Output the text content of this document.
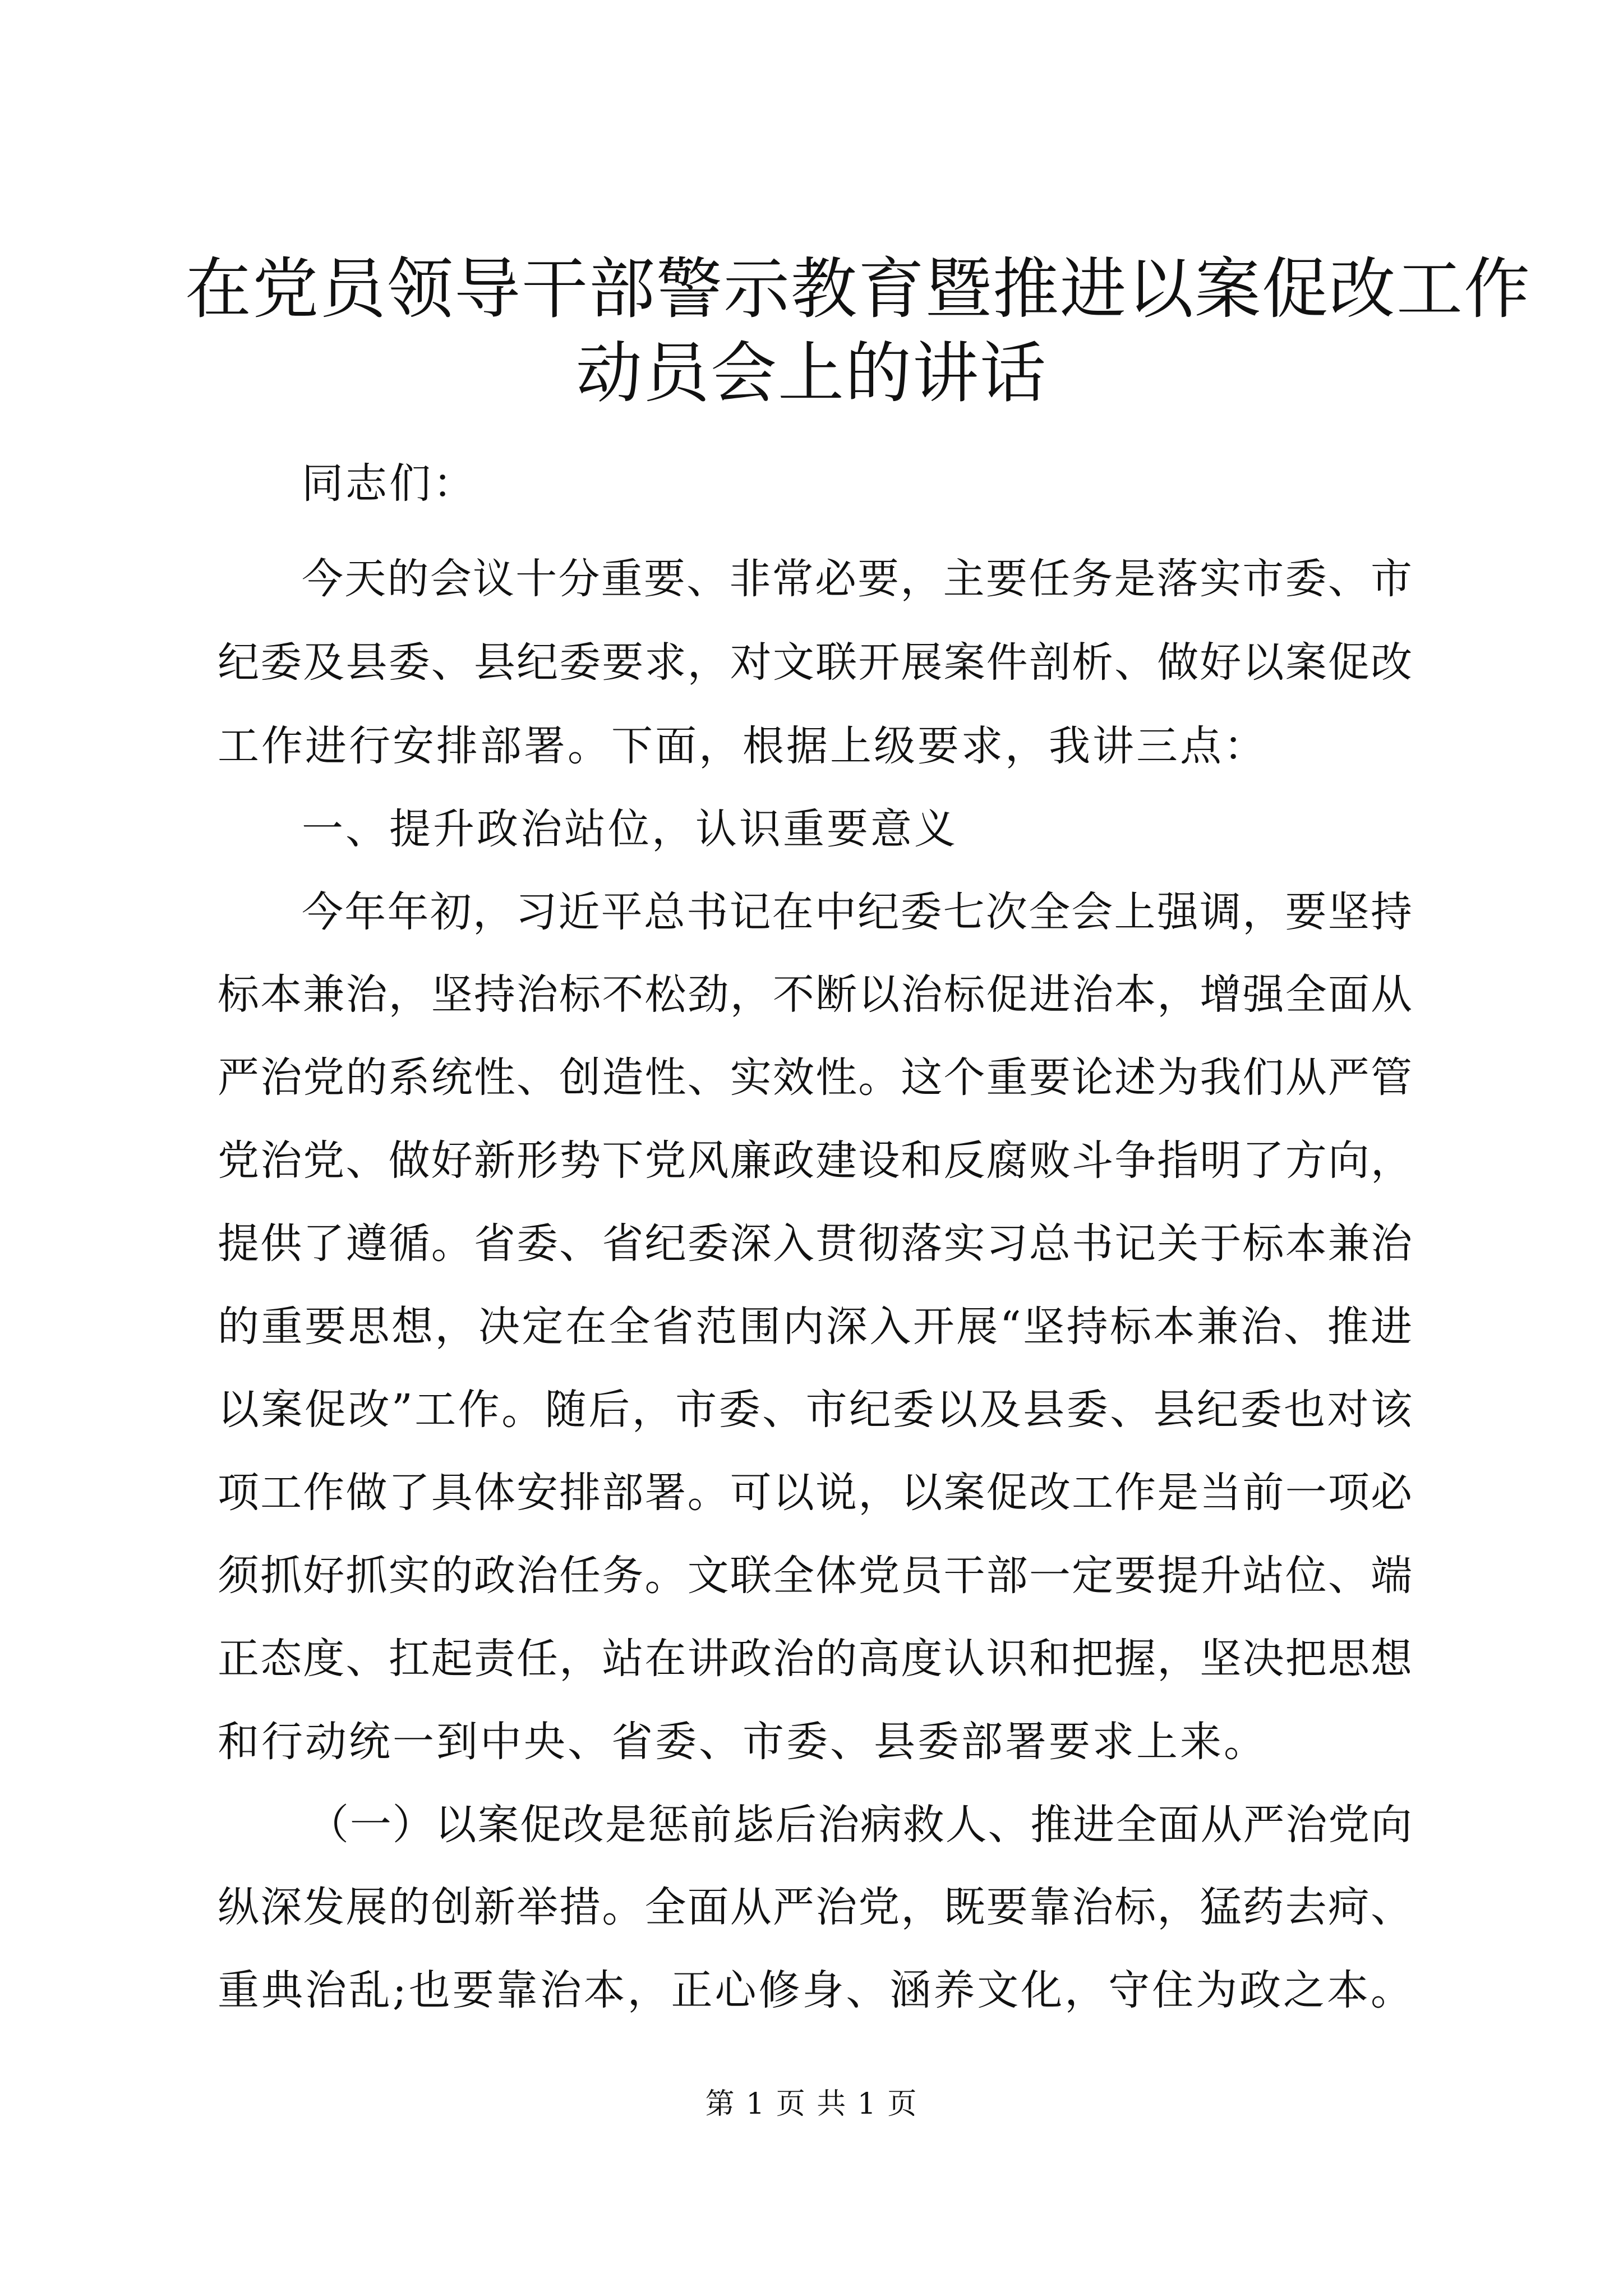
在党员领导干部警示教育暨推进以案促改工作
动员会上的讲话
同志们：
今天的会议十分重要、非常必要，主要任务是落实市委、市
纪委及县委、县纪委要求，对文联开展案件剖析、做好以案促改
工作进行安排部署。下面，根据上级要求，我讲三点：
一、提升政治站位，认识重要意义
今年年初，习近平总书记在中纪委七次全会上强调，要坚持
标本兼治，坚持治标不松劲，不断以治标促进治本，增强全面从
严治党的系统性、创造性、实效性。这个重要论述为我们从严管
党治党、做好新形势下党风廉政建设和反腐败斗争指明了方向，
提供了遵循。省委、省纪委深入贯彻落实习总书记关于标本兼治
的重要思想，决定在全省范围内深入开展“坚持标本兼治、推进
以案促改”工作。随后，市委、市纪委以及县委、县纪委也对该
项工作做了具体安排部署。可以说，以案促改工作是当前一项必
须抓好抓实的政治任务。文联全体党员干部一定要提升站位、端
正态度、扛起责任，站在讲政治的高度认识和把握，坚决把思想
和行动统一到中央、省委、市委、县委部署要求上来。
（一）以案促改是惩前毖后治病救人、推进全面从严治党向
纵深发展的创新举措。全面从严治党，既要靠治标，猛药去疴、
重典治乱;也要靠治本，正心修身、涵养文化，守住为政之本。
第 1 页 共 1 页
